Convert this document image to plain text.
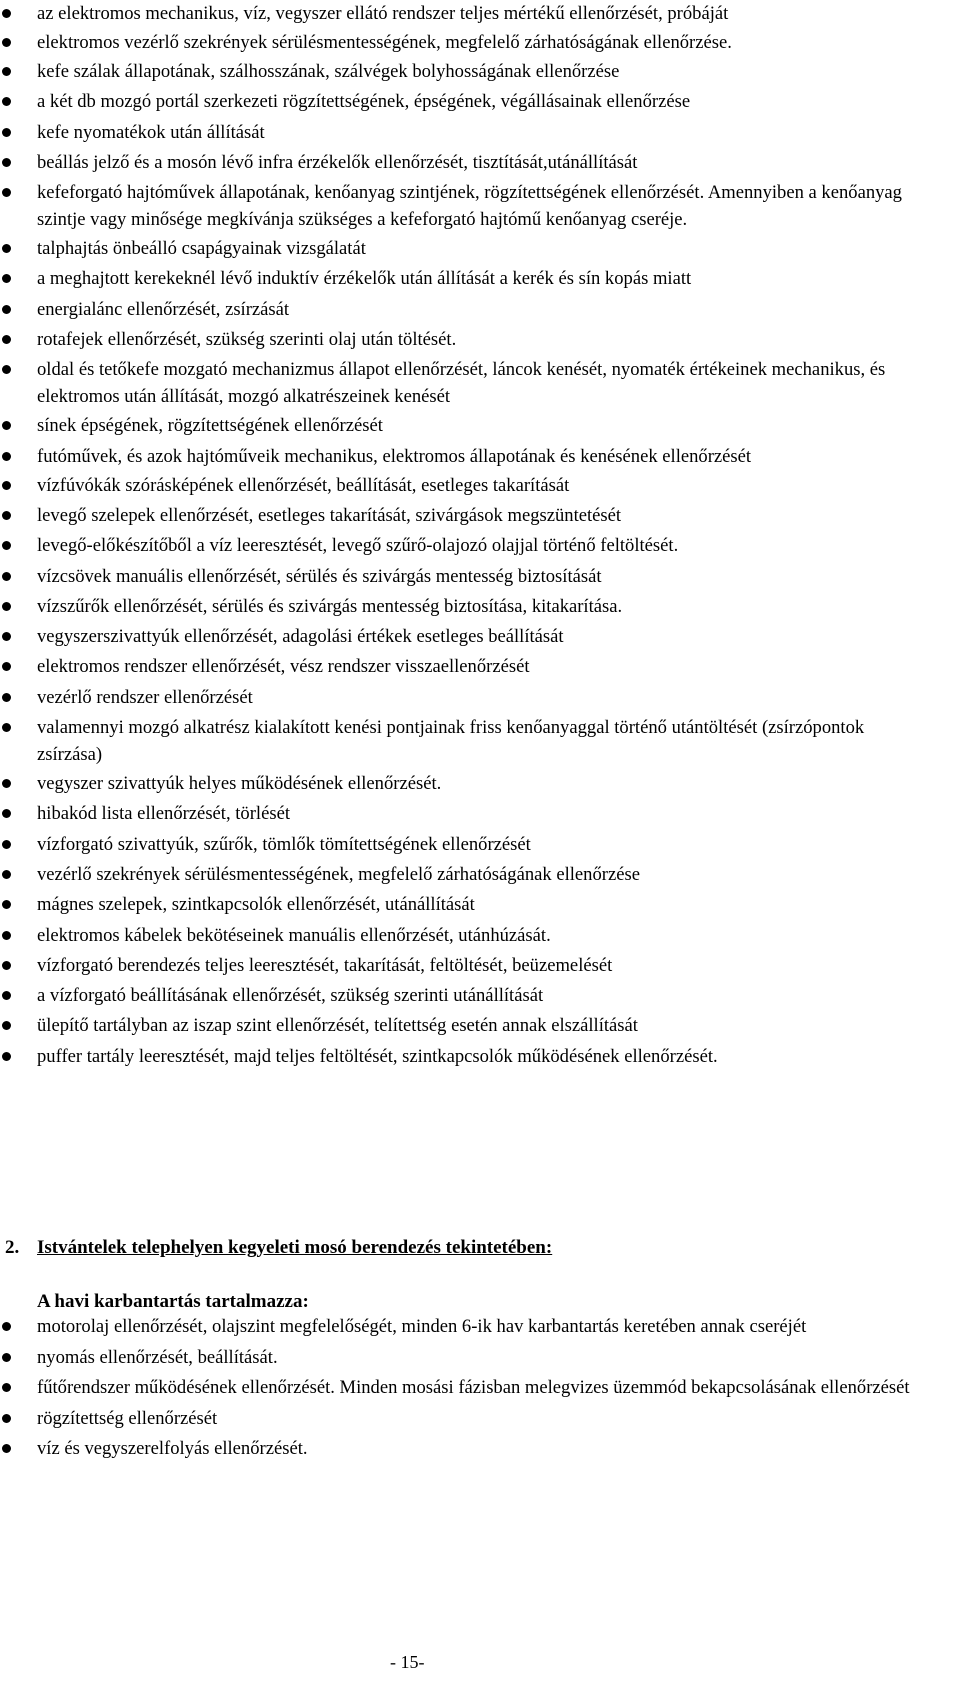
az elektromos mechanikus, víz, vegyszer ellátó rendszer teljes mértékű ellenőrzését, próbáját
elektromos vezérlő szekrények sérülésmentességének, megfelelő zárhatóságának ellenőrzése.
kefe szálak állapotának, szálhosszának, szálvégek bolyhosságának ellenőrzése
a két db mozgó portál szerkezeti rögzítettségének, épségének, végállásainak ellenőrzése
kefe nyomatékok után állítását
beállás jelző és a mosón lévő infra érzékelők ellenőrzését, tisztítását,utánállítását
kefeforgató hajtóművek állapotának, kenőanyag szintjének, rögzítettségének ellenőrzését. Amennyiben a kenőanyag szintje vagy minősége megkívánja szükséges a kefeforgató hajtómű kenőanyag cseréje.
talphajtás önbeálló csapágyainak vizsgálatát
a meghajtott kerekeknél lévő induktív érzékelők után állítását a kerék és sín kopás miatt
energialánc ellenőrzését, zsírzását
rotafejek ellenőrzését, szükség szerinti olaj után töltését.
oldal és tetőkefe mozgató mechanizmus állapot ellenőrzését, láncok kenését, nyomaték értékeinek mechanikus, és elektromos után állítását, mozgó alkatrészeinek kenését
sínek épségének, rögzítettségének ellenőrzését
futóművek, és azok hajtóműveik mechanikus, elektromos állapotának és kenésének ellenőrzését
vízfúvókák szórásképének ellenőrzését, beállítását, esetleges takarítását
levegő szelepek ellenőrzését, esetleges takarítását, szivárgások megszüntetését
levegő-előkészítőből a víz leeresztését, levegő szűrő-olajozó olajjal történő feltöltését.
vízcsövek manuális ellenőrzését, sérülés és szivárgás mentesség biztosítását
vízszűrők ellenőrzését, sérülés és szivárgás mentesség biztosítása, kitakarítása.
vegyszerszivattyúk ellenőrzését, adagolási értékek esetleges beállítását
elektromos rendszer ellenőrzését, vész rendszer visszaellenőrzését
vezérlő rendszer ellenőrzését
valamennyi mozgó alkatrész kialakított kenési pontjainak friss kenőanyaggal történő utántöltését (zsírzópontok zsírzása)
vegyszer szivattyúk helyes működésének ellenőrzését.
hibakód lista ellenőrzését, törlését
vízforgató szivattyúk, szűrők, tömlők tömítettségének ellenőrzését
vezérlő szekrények sérülésmentességének, megfelelő zárhatóságának ellenőrzése
mágnes szelepek, szintkapcsolók ellenőrzését, utánállítását
elektromos kábelek bekötéseinek manuális ellenőrzését, utánhúzását.
vízforgató berendezés teljes leeresztését, takarítását, feltöltését, beüzemelését
a vízforgató beállításának ellenőrzését, szükség szerinti utánállítását
ülepítő tartályban az iszap szint ellenőrzését, telítettség esetén annak elszállítását
puffer tartály leeresztését, majd teljes feltöltését, szintkapcsolók működésének ellenőrzését.
2. Istvántelek telephelyen kegyeleti mosó berendezés tekintetében:
A havi karbantartás tartalmazza:
motorolaj ellenőrzését, olajszint megfelelőségét, minden 6-ik hav karbantartás keretében annak cseréjét
nyomás ellenőrzését, beállítását.
fűtőrendszer működésének ellenőrzését. Minden mosási fázisban melegvizes üzemmód bekapcsolásának ellenőrzését
rögzítettség ellenőrzését
víz és vegyszerelfolyás ellenőrzését.
- 15-
